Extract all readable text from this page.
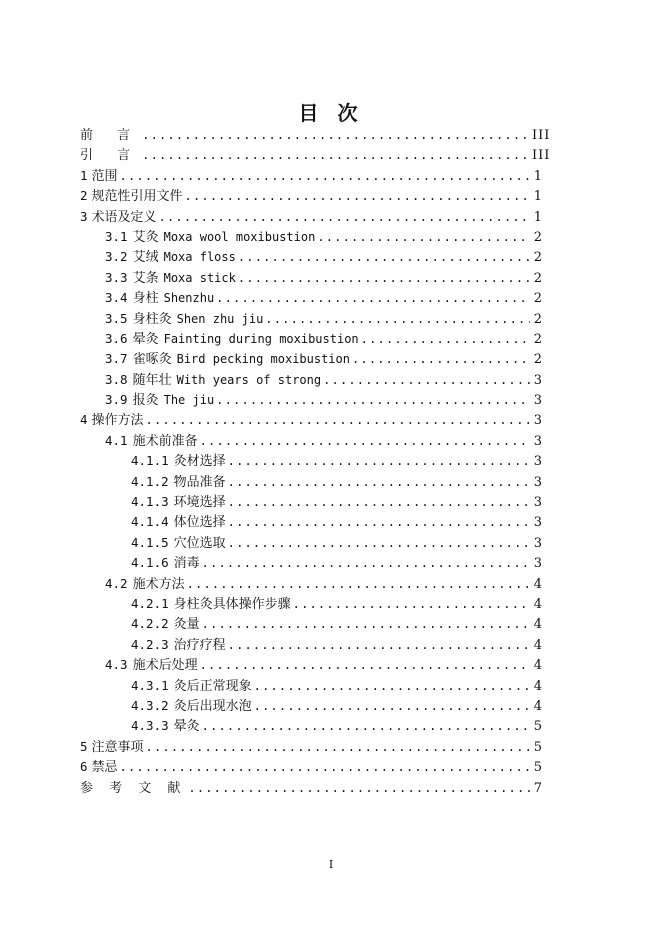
目 次
前 言 .....	III
引 言 .....	III
1 范围 .....	1
2 规范性引用文件 .....	1
3 术语及定义 .....	1
3.1 艾灸 Moxa wool moxibustion .....	2
3.2 艾绒 Moxa floss .....	2
3.3 艾条 Moxa stick .....	2
3.4 身柱 Shenzhu .....	2
3.5 身柱灸 Shen zhu jiu .....	2
3.6 晕灸 Fainting during moxibustion .....	2
3.7 雀啄灸 Bird pecking moxibustion .....	2
3.8 随年壮 With years of strong .....	3
3.9 报灸 The jiu .....	3
4 操作方法 .....	3
4.1 施术前准备 .....	3
4.1.1 灸材选择 .....	3
4.1.2 物品准备 .....	3
4.1.3 环境选择 .....	3
4.1.4 体位选择 .....	3
4.1.5 穴位选取 .....	3
4.1.6 消毒 .....	3
4.2 施术方法 .....	4
4.2.1 身柱灸具体操作步骤 .....	4
4.2.2 灸量 .....	4
4.2.3 治疗疗程 .....	4
4.3 施术后处理 .....	4
4.3.1 灸后正常现象 .....	4
4.3.2 灸后出现水泡 .....	4
4.3.3 晕灸 .....	5
5 注意事项 .....	5
6 禁忌 .....	5
参 考 文 献 .....	7
I
